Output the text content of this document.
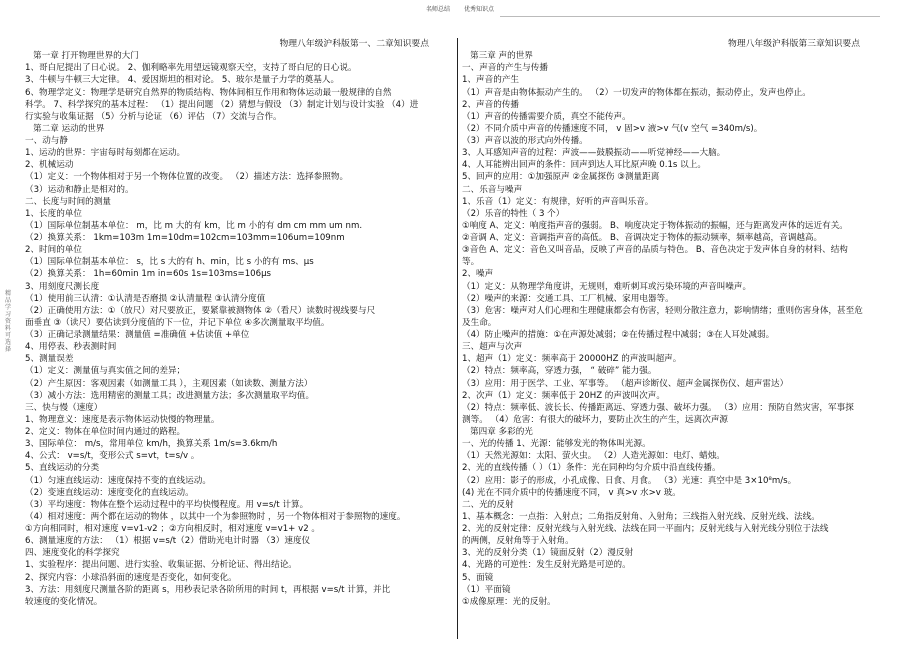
名师总结 优秀知识点
精品学习资料可选择
物理八年级沪科版第一、二章知识要点
第一章 打开物理世界的大门
1、哥白尼提出了日心说。 2、伽利略率先用望远镜观察天空，支持了哥白尼的日心说。
3、牛顿与牛顿三大定律。 4、爱因斯坦的相对论。 5、玻尔是量子力学的奠基人。
6、物理学定义：物理学是研究自然界的物质结构、物体间相互作用和物体运动最一般规律的自然
科学。 7、科学探究的基本过程： （1）提出问题 （2）猜想与假设 （3）制定计划与设计实验 （4）进
行实验与收集证据 （5）分析与论证 （6）评估 （7）交流与合作。
第二章 运动的世界
一、动与静
1、运动的世界：宇宙每时每刻都在运动。
2、机械运动
（1）定义：一个物体相对于另一个物体位置的改变。 （2）描述方法：选择参照物。
（3）运动和静止是相对的。
二、长度与时间的测量
1、长度的单位
（1）国际单位制基本单位： m，比 m 大的有 km，比 m 小的有 dm cm mm um nm.
（2）换算关系： 1km=103m 1m=10dm=102cm=103mm=106um=109nm
2、时间的单位
（1）国际单位制基本单位： s，比 s 大的有 h、min，比 s 小的有 ms、μs
（2）换算关系： 1h=60min 1m in=60s 1s=103ms=106μs
3、用刻度尺测长度
（1）使用前三认清：①认清是否磨损 ②认清量程 ③认清分度值
（2）正确使用方法：①（放尺）对尺要放正，要紧靠被测物体 ②（看尺）读数时视线要与尺
面垂直 ③（读尺）要估读到分度值的下一位，并记下单位 ④多次测量取平均值。
（3）正确记录测量结果：测量值 =准确值 +估读值 +单位
4、用停表、秒表测时间
5、测量误差
（1）定义：测量值与真实值之间的差异；
（2）产生原因：客观因素（如测量工具 ），主观因素（如读数、测量方法）
（3）减小方法：选用精密的测量工具；改进测量方法；多次测量取平均值。
三、快与慢（速度）
1、物理意义：速度是表示物体运动快慢的物理量。
2、定义：物体在单位时间内通过的路程。
3、国际单位： m/s，常用单位 km/h，换算关系 1m/s=3.6km/h
4、公式： v=s/t，变形公式 s=vt，t=s/v 。
5、直线运动的分类
（1）匀速直线运动：速度保持不变的直线运动。
（2）变速直线运动：速度变化的直线运动。
（3）平均速度：物体在整个运动过程中的平均快慢程度。用 v=s/t 计算。
（4）相对速度：两个都在运动的物体 ，以其中一个为参照物时 ，另一个物体相对于参照物的速度。
①方向相同时，相对速度 v=v1-v2 ；②方向相反时，相对速度 v=v1+ v2 。
6、测量速度的方法： （1）根据 v=s/t（2）借助光电计时器 （3）速度仪
四、速度变化的科学探究
1、实验程序：提出问题、进行实验、收集证据、分析论证、得出结论。
2、探究内容：小球沿斜面的速度是否变化，如何变化。
3、方法：用刻度尺测量各阶的距离 s，用秒表记录各阶所用的时间 t，再根据 v=s/t 计算，并比
较速度的变化情况。
物理八年级沪科版第三章知识要点
第三章 声的世界
一、声音的产生与传播
1、声音的产生
（1）声音是由物体振动产生的。 （2）一切发声的物体都在振动，振动停止，发声也停止。
2、声音的传播
（1）声音的传播需要介质，真空不能传声。
（2）不同介质中声音的传播速度不同， v 固>v 液>v 气(v 空气 =340m/s)。
（3）声音以波的形式向外传播。
3、人耳感知声音的过程：声波——鼓膜振动——听觉神经——大脑。
4、人耳能辨出回声的条件：回声到达人耳比原声晚 0.1s 以上。
5、回声的应用：①加强原声 ②金属探伤 ③测量距离
二、乐音与噪声
1、乐音（1）定义：有规律，好听的声音叫乐音。
（2）乐音的特性（ 3 个）
①响度 A、定义：响度指声音的强弱。 B、响度决定于物体振动的振幅，还与距离发声体的远近有关。
②音调 A、定义：音调指声音的高低。 B、音调决定于物体的振动频率，频率越高，音调越高。
③音色 A、定义：音色又叫音品，反映了声音的品质与特色。 B、音色决定于发声体自身的材料、结构
等。
2、噪声
（1）定义：从物理学角度讲，无规则，难听刺耳或污染环境的声音叫噪声。
（2）噪声的来源：交通工具、工厂机械、家用电器等。
（3）危害：噪声对人们心理和生理健康都会有伤害，轻则分散注意力，影响情绪；重则伤害身体，甚至危
及生命。
（4）防止噪声的措施：①在声源处减弱；②在传播过程中减弱；③在人耳处减弱。
三、超声与次声
1、超声（1）定义：频率高于 20000HZ 的声波叫超声。
（2）特点：频率高，穿透力强， “ 破碎” 能力强。
（3）应用：用于医学、工业、军事等。 （超声诊断仪、超声金属探伤仪、超声雷达）
2、次声（1）定义：频率低于 20HZ 的声波叫次声。
（2）特点：频率低、波长长、传播距离远、穿透力强、破坏力强。 （3）应用：预防自然灾害，军事探
测等。 （4）危害：有很大的破坏力，要防止次生的产生，远离次声源
第四章 多彩的光
一、光的传播 1、光源：能够发光的物体叫光源。
（1）天然光源如：太阳、萤火虫。 （2）人造光源如：电灯、蜡烛。
2、光的直线传播（ ）（1）条件：光在同种均匀介质中沿直线传播。
（2）应用：影子的形成，小孔成像、日食、月食。 （3）光速：真空中是 3×10⁸m/s。
(4) 光在不同介质中的传播速度不同， v 真>v 水>v 玻。
二、光的反射
1、基本概念：一点指：入射点；二角指反射角、入射角；三线指入射光线、反射光线、法线。
2、光的反射定律：反射光线与入射光线、法线在同一平面内；反射光线与入射光线分别位于法线
的两侧，反射角等于入射角。
3、光的反射分类（1）镜面反射（2）漫反射
4、光路的可逆性：发生反射光路是可逆的。
5、面镜
（1）平面镜
①成像原理：光的反射。
